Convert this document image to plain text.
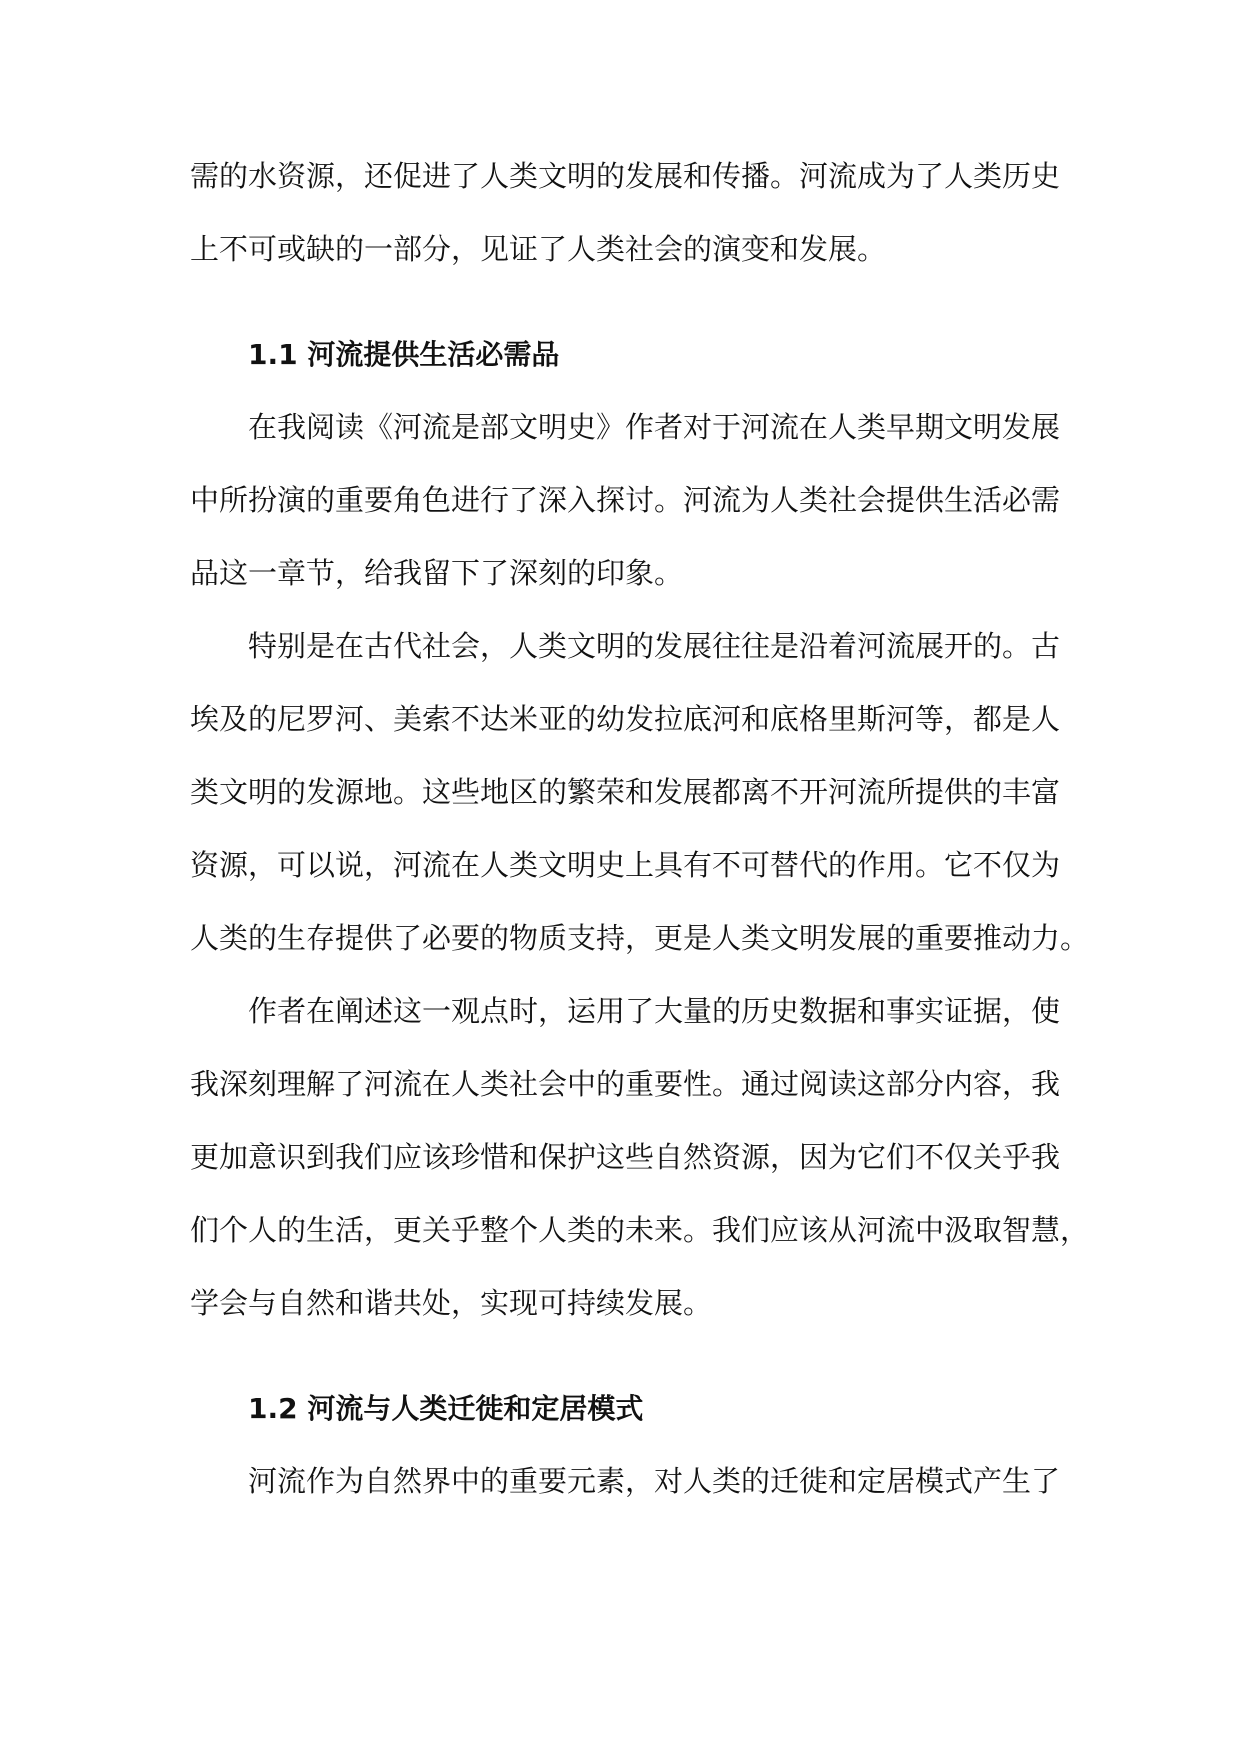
需的水资源，还促进了人类文明的发展和传播。河流成为了人类历史
上不可或缺的一部分，见证了人类社会的演变和发展。
1.1 河流提供生活必需品
在我阅读《河流是部文明史》作者对于河流在人类早期文明发展
中所扮演的重要角色进行了深入探讨。河流为人类社会提供生活必需
品这一章节，给我留下了深刻的印象。
特别是在古代社会，人类文明的发展往往是沿着河流展开的。古
埃及的尼罗河、美索不达米亚的幼发拉底河和底格里斯河等，都是人
类文明的发源地。这些地区的繁荣和发展都离不开河流所提供的丰富
资源，可以说，河流在人类文明史上具有不可替代的作用。它不仅为
人类的生存提供了必要的物质支持，更是人类文明发展的重要推动力。
作者在阐述这一观点时，运用了大量的历史数据和事实证据，使
我深刻理解了河流在人类社会中的重要性。通过阅读这部分内容，我
更加意识到我们应该珍惜和保护这些自然资源，因为它们不仅关乎我
们个人的生活，更关乎整个人类的未来。我们应该从河流中汲取智慧，
学会与自然和谐共处，实现可持续发展。
1.2 河流与人类迁徙和定居模式
河流作为自然界中的重要元素，对人类的迁徙和定居模式产生了
